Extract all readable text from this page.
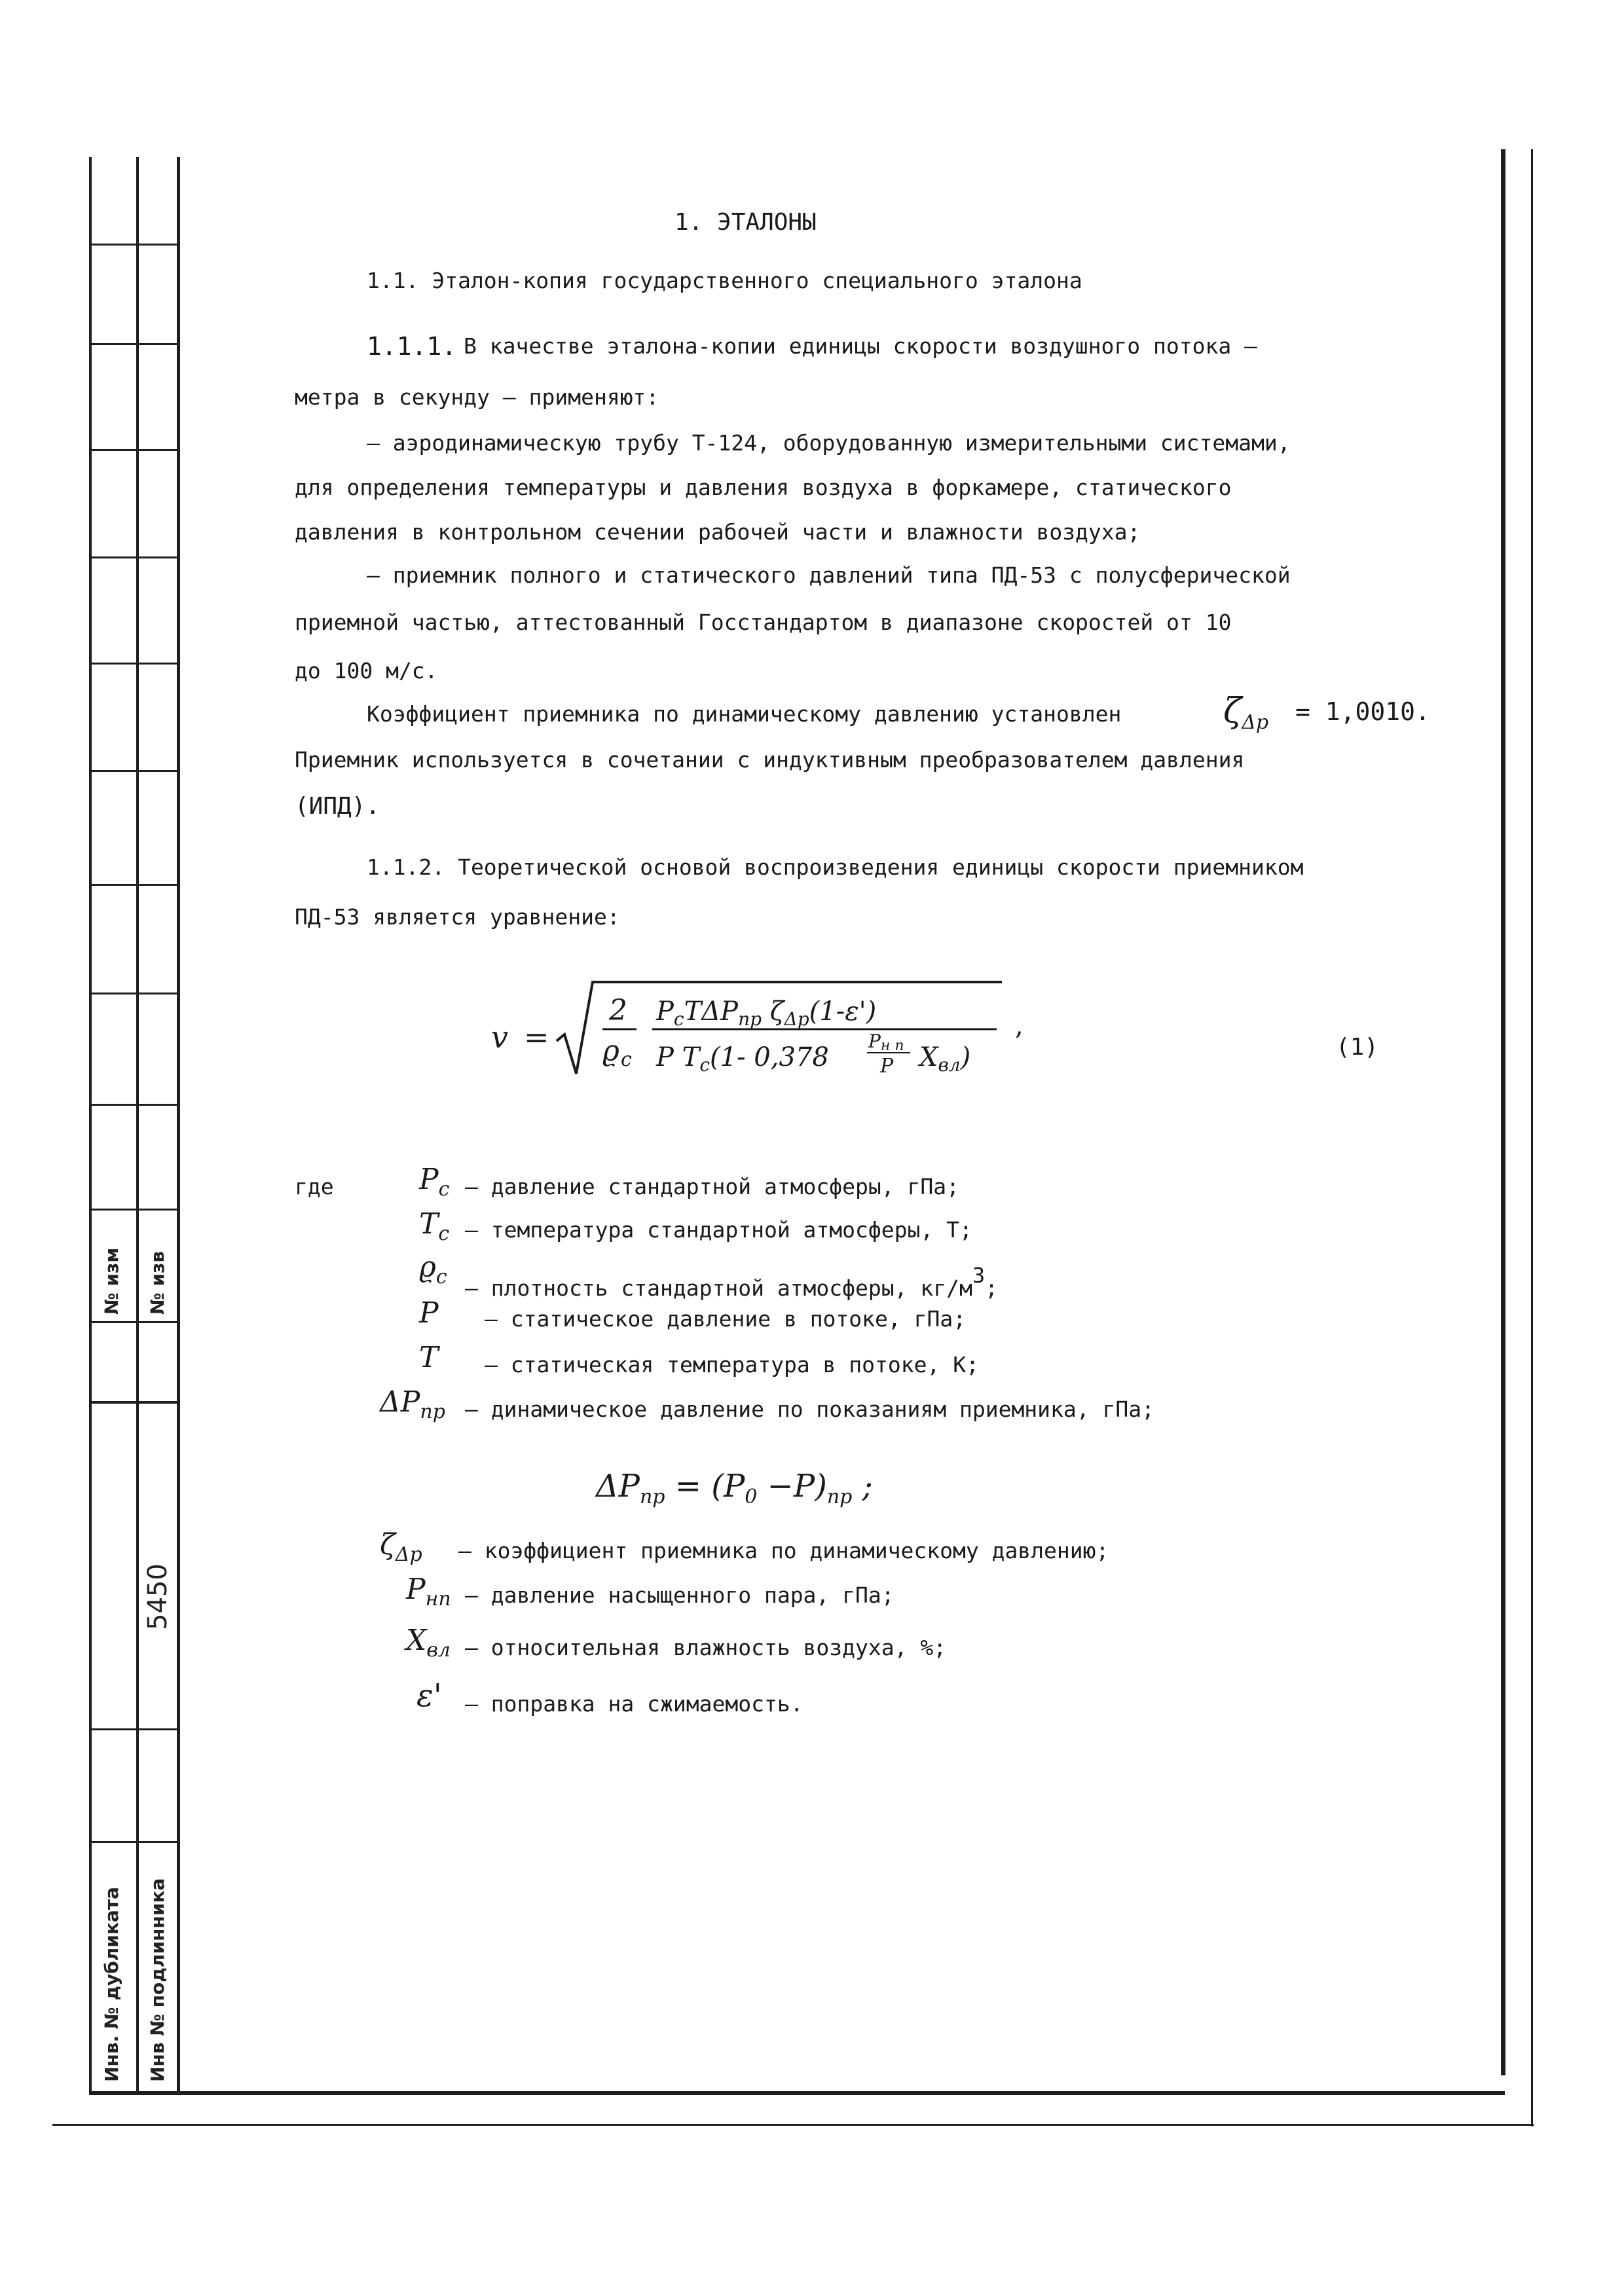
№ изм № изв
5450
Инв. № дубликата Инв № подлинника
1. ЭТАЛОНЫ
1.1. Эталон-копия государственного специального эталона
1.1.1. В качестве эталона-копии единицы скорости воздушного потока –
метра в секунду – применяют:
– аэродинамическую трубу Т-124, оборудованную измерительными системами,
для определения температуры и давления воздуха в форкамере, статического
давления в контрольном сечении рабочей части и влажности воздуха;
– приемник полного и статического давлений типа ПД-53 с полусферической
приемной частью, аттестованный Госстандартом в диапазоне скоростей от 10
до 100 м/с.
Коэффициент приемника по динамическому давлению установлен	$\zeta_{\Delta p} = 1,0010$.
Приемник используется в сочетании с индуктивным преобразователем давления
(ИПД).
1.1.2. Теоретической основой воспроизведения единицы скорости приемником
ПД-53 является уравнение:
v =
2
ϱ c
$P_cT\Delta P_{пр}$ $\zeta_{\Delta p}(1-\varepsilon')$
P $T_c(1-$ 0,378
Pн п
P $X_{вл}$)
,
(1)
где	$P_c$ – давление стандартной атмосферы, гПа;
$T_c$ – температура стандартной атмосферы, Т;
$ϱ_c$ – плотность стандартной атмосферы, кг/м3;
P – статическое давление в потоке, гПа;
T – статическая температура в потоке, К;
$\Delta P_{пр}$ – динамическое давление по показаниям приемника, гПа;
$\Delta P_{пр} = (P_0 -P)_{пр}$ ;
$\zeta_{\Delta p}$ – коэффициент приемника по динамическому давлению;
$P_{нп}$ – давление насыщенного пара, гПа;
$X_{вл}$ – относительная влажность воздуха, %;
ε' – поправка на сжимаемость.
